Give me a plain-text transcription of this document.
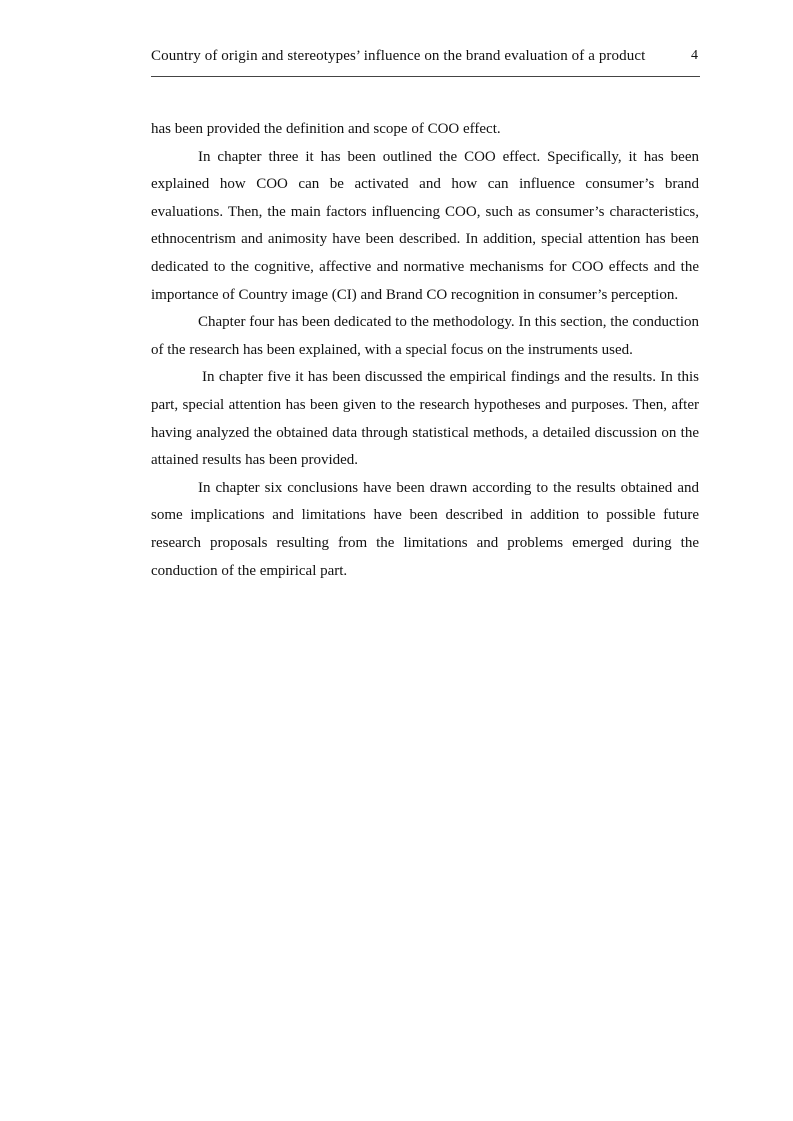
Country of origin and stereotypes’ influence on the brand evaluation of a product	4

has been provided the definition and scope of COO effect.

In chapter three it has been outlined the COO effect. Specifically, it has been explained how COO can be activated and how can influence consumer’s brand evaluations. Then, the main factors influencing COO, such as consumer’s characteristics, ethnocentrism and animosity have been described. In addition, special attention has been dedicated to the cognitive, affective and normative mechanisms for COO effects and the importance of Country image (CI) and Brand CO recognition in consumer’s perception.

Chapter four has been dedicated to the methodology. In this section, the conduction of the research has been explained, with a special focus on the instruments used.

In chapter five it has been discussed the empirical findings and the results. In this part, special attention has been given to the research hypotheses and purposes. Then, after having analyzed the obtained data through statistical methods, a detailed discussion on the attained results has been provided.

In chapter six conclusions have been drawn according to the results obtained and some implications and limitations have been described in addition to possible future research proposals resulting from the limitations and problems emerged during the conduction of the empirical part.
